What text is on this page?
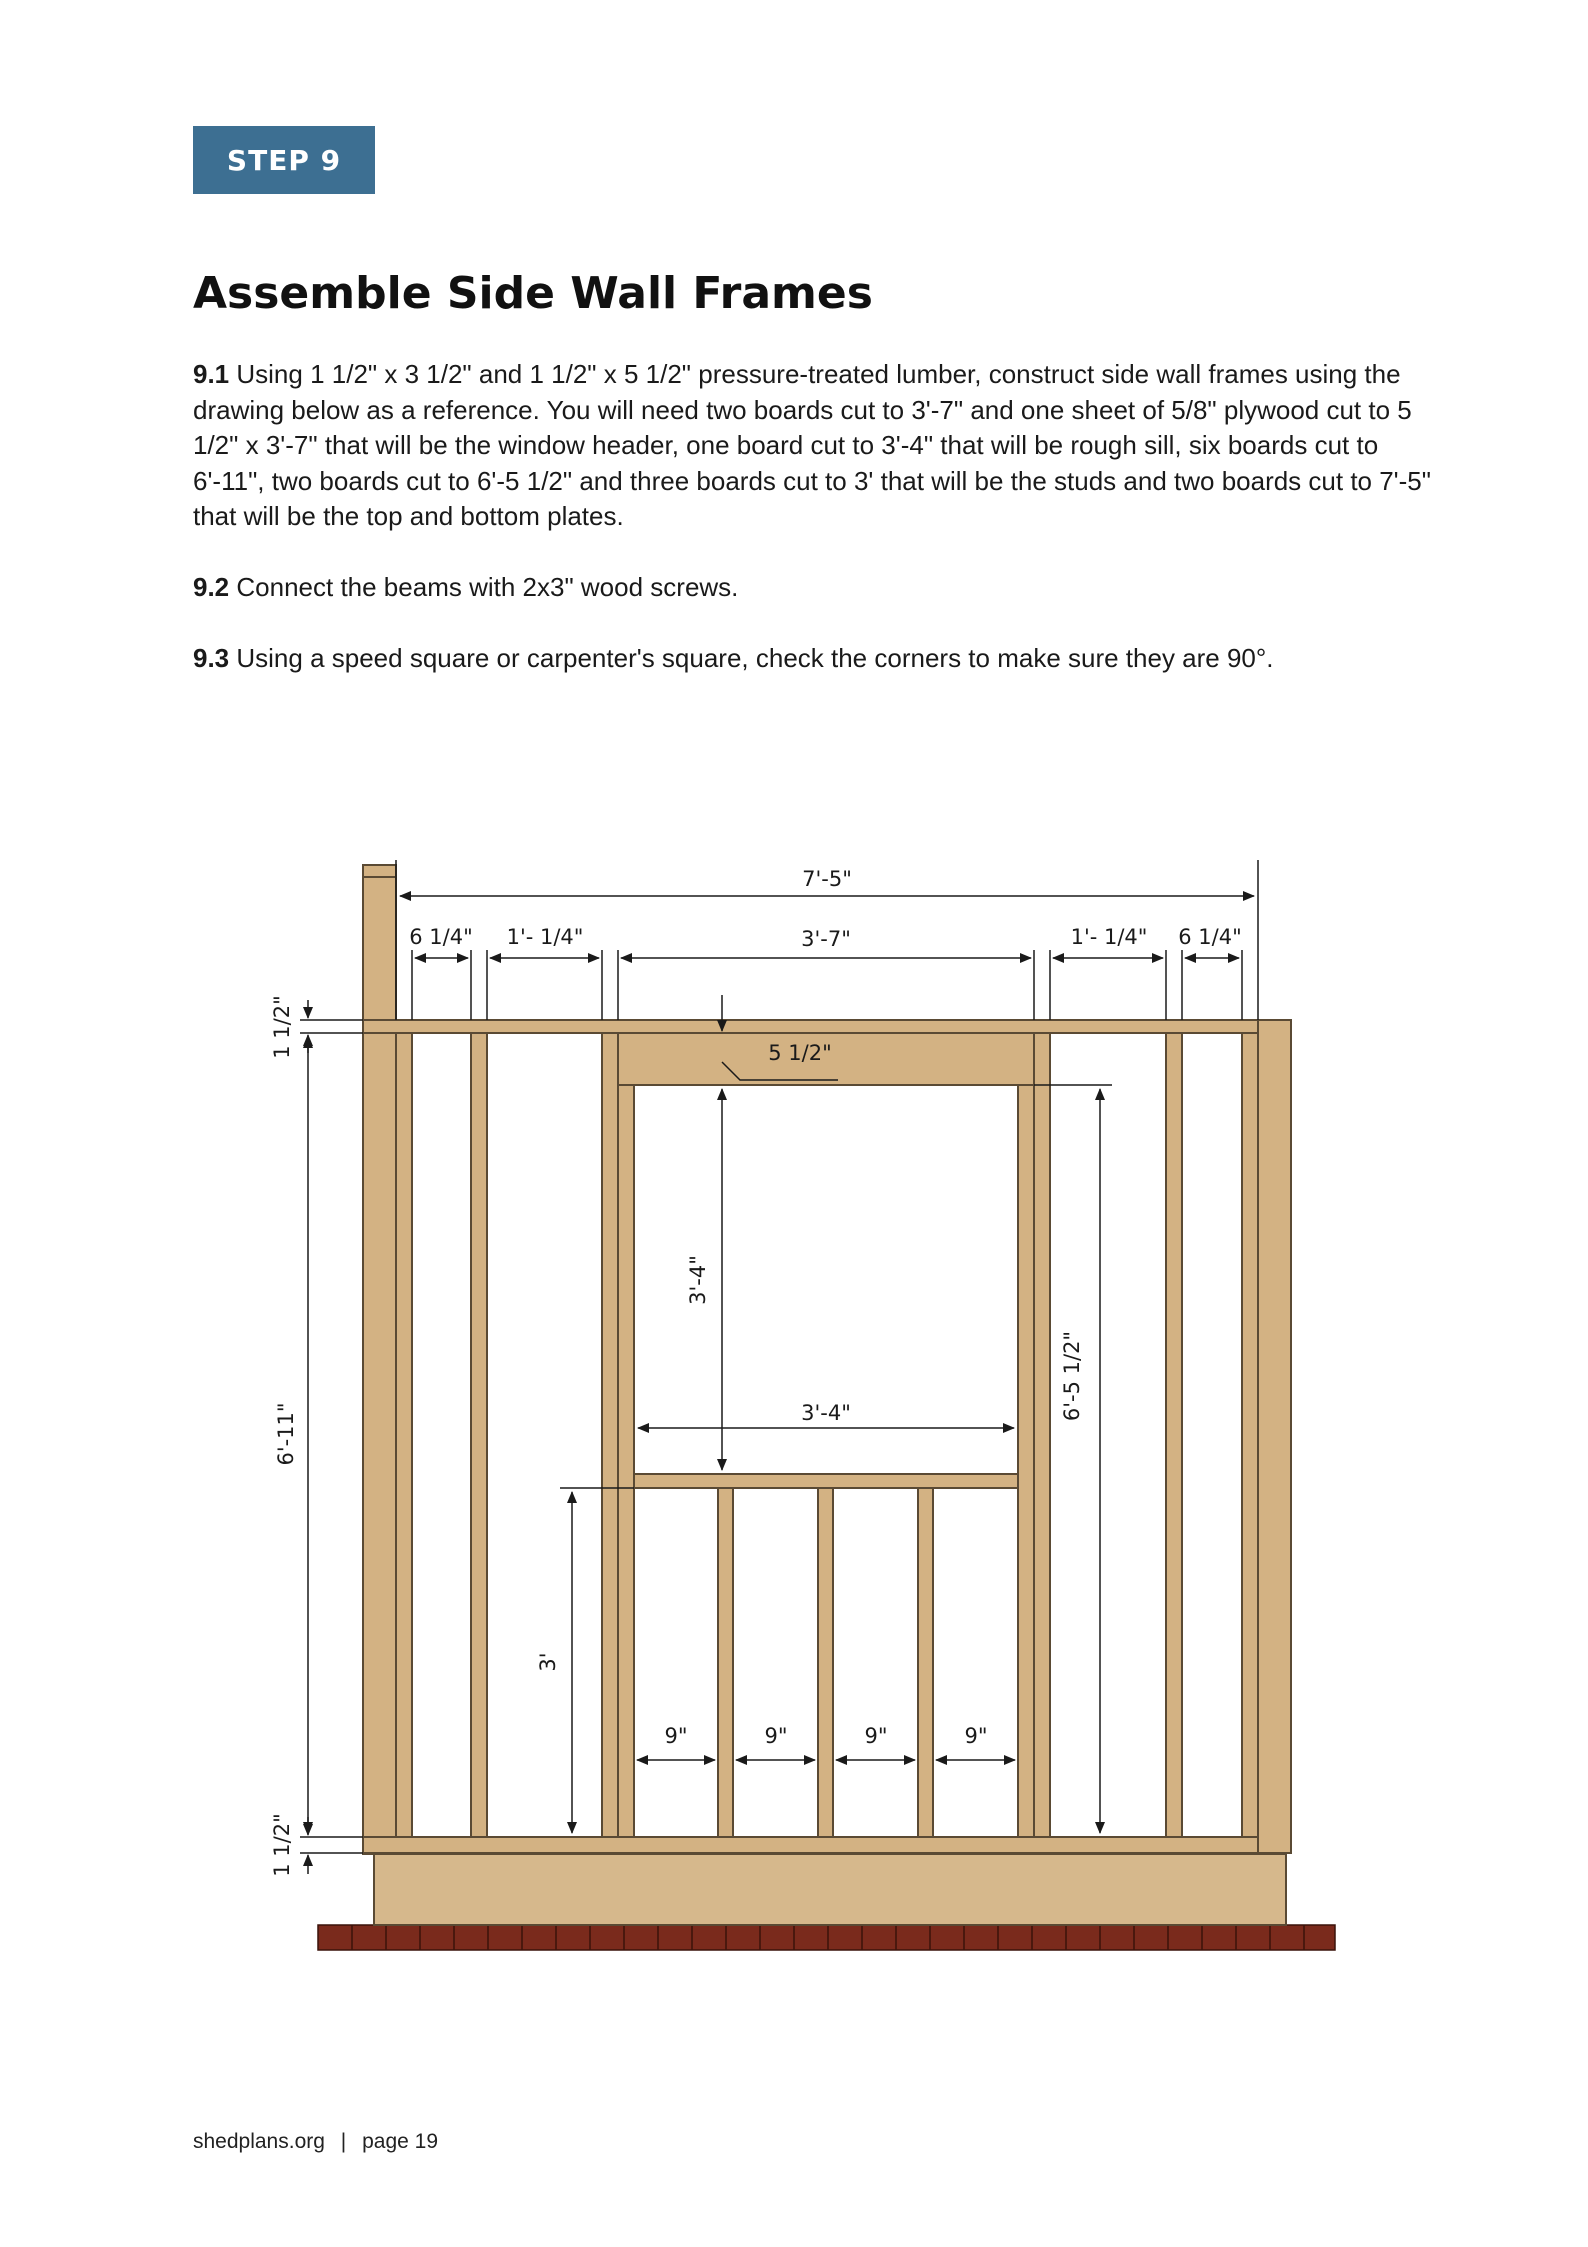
STEP 9
Assemble Side Wall Frames

9.1 Using 1 1/2" x 3 1/2" and 1 1/2" x 5 1/2" pressure-treated lumber, construct side wall frames using the drawing below as a reference. You will need two boards cut to 3'-7" and one sheet of 5/8" plywood cut to 5 1/2" x 3'-7" that will be the window header, one board cut to 3'-4" that will be rough sill, six boards cut to 6'-11", two boards cut to 6'-5 1/2" and three boards cut to 3' that will be the studs and two boards cut to 7'-5" that will be the top and bottom plates.

9.2 Connect the beams with 2x3" wood screws.

9.3 Using a speed square or carpenter's square, check the corners to make sure they are 90°.

7'-5"
6 1/4" 1'- 1/4"	3'-7"	1'- 1/4" 6 1/4"
1 1/2"	5 1/2"
3'-4"
3'-4"
6'-11"
6'-5 1/2"
3'
9"	9"	9"	9"
1 1/2"
shedplans.org | page 19
